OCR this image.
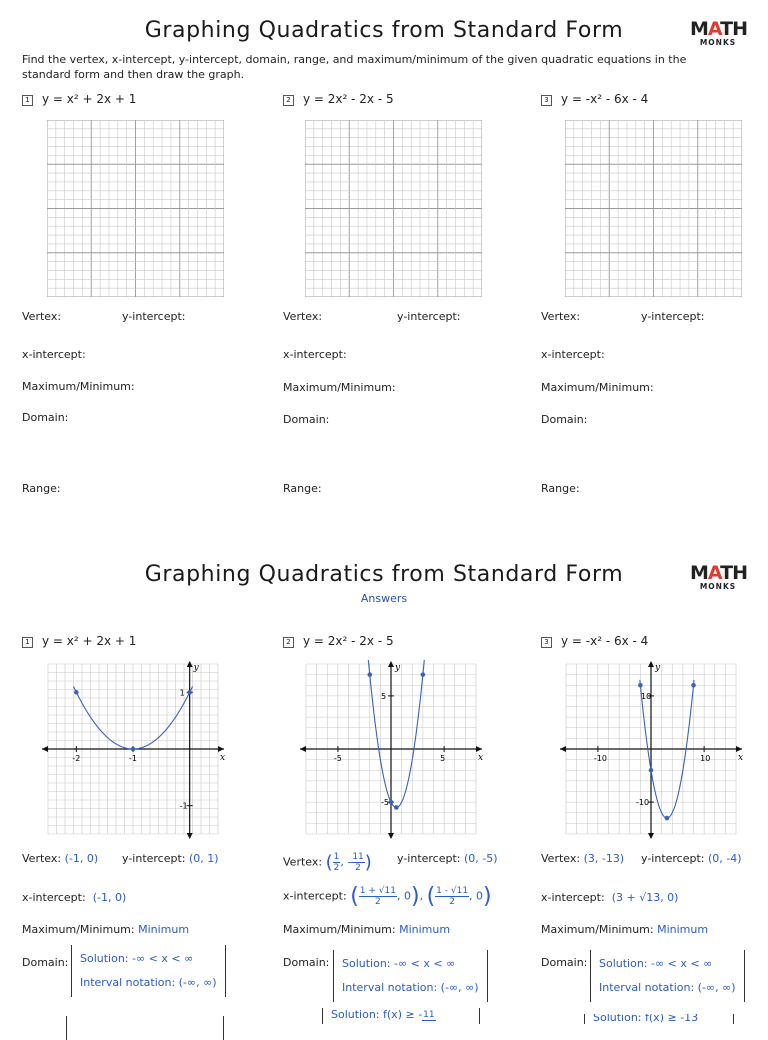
Graphing Quadratics from Standard Form	MATH
MONKS
Find the vertex, x-intercept, y-intercept, domain, range, and maximum/minimum of the given quadratic equations in the standard form and then draw the graph.
1 y = x² + 2x + 1	2 y = 2x² - 2x - 5	3 y = -x² - 6x - 4
Vertex:	y-intercept:
x-intercept:
Maximum/Minimum:
Domain:
Range:
Vertex:	y-intercept:
x-intercept:
Maximum/Minimum:
Domain:
Range:
Vertex:	y-intercept:
x-intercept:
Maximum/Minimum:
Domain:
Range:
Graphing Quadratics from Standard Form	MATH
MONKS
Answers
1 y = x² + 2x + 1	2 y = 2x² - 2x - 5	3 y = -x² - 6x - 4
x
y
-2	-1
1
-1
x
y
-5	5
5
-5
x
y
-10	10
10
-10
Vertex: (-1, 0) y-intercept: (0, 1)
x-intercept: (-1, 0)
Maximum/Minimum: Minimum
Domain: Solution: -∞ < x < ∞
Interval notation: (-∞, ∞)
Vertex: ( $\frac{1}{2}$ , - $\frac{11}{2}$ ) y-intercept: (0, -5)
x-intercept: ( $\frac{1 + √11}{2}$ , 0), ( $\frac{1 - √11}{2}$ , 0)
Maximum/Minimum: Minimum
Domain: Solution: -∞ < x < ∞
Interval notation: (-∞, ∞)
Solution: f(x) ≥ - 11
Vertex: (3, -13) y-intercept: (0, -4)
x-intercept: (3 + √13, 0)
Maximum/Minimum: Minimum
Domain: Solution: -∞ < x < ∞
Interval notation: (-∞, ∞)
Solution: f(x) ≥ -13
